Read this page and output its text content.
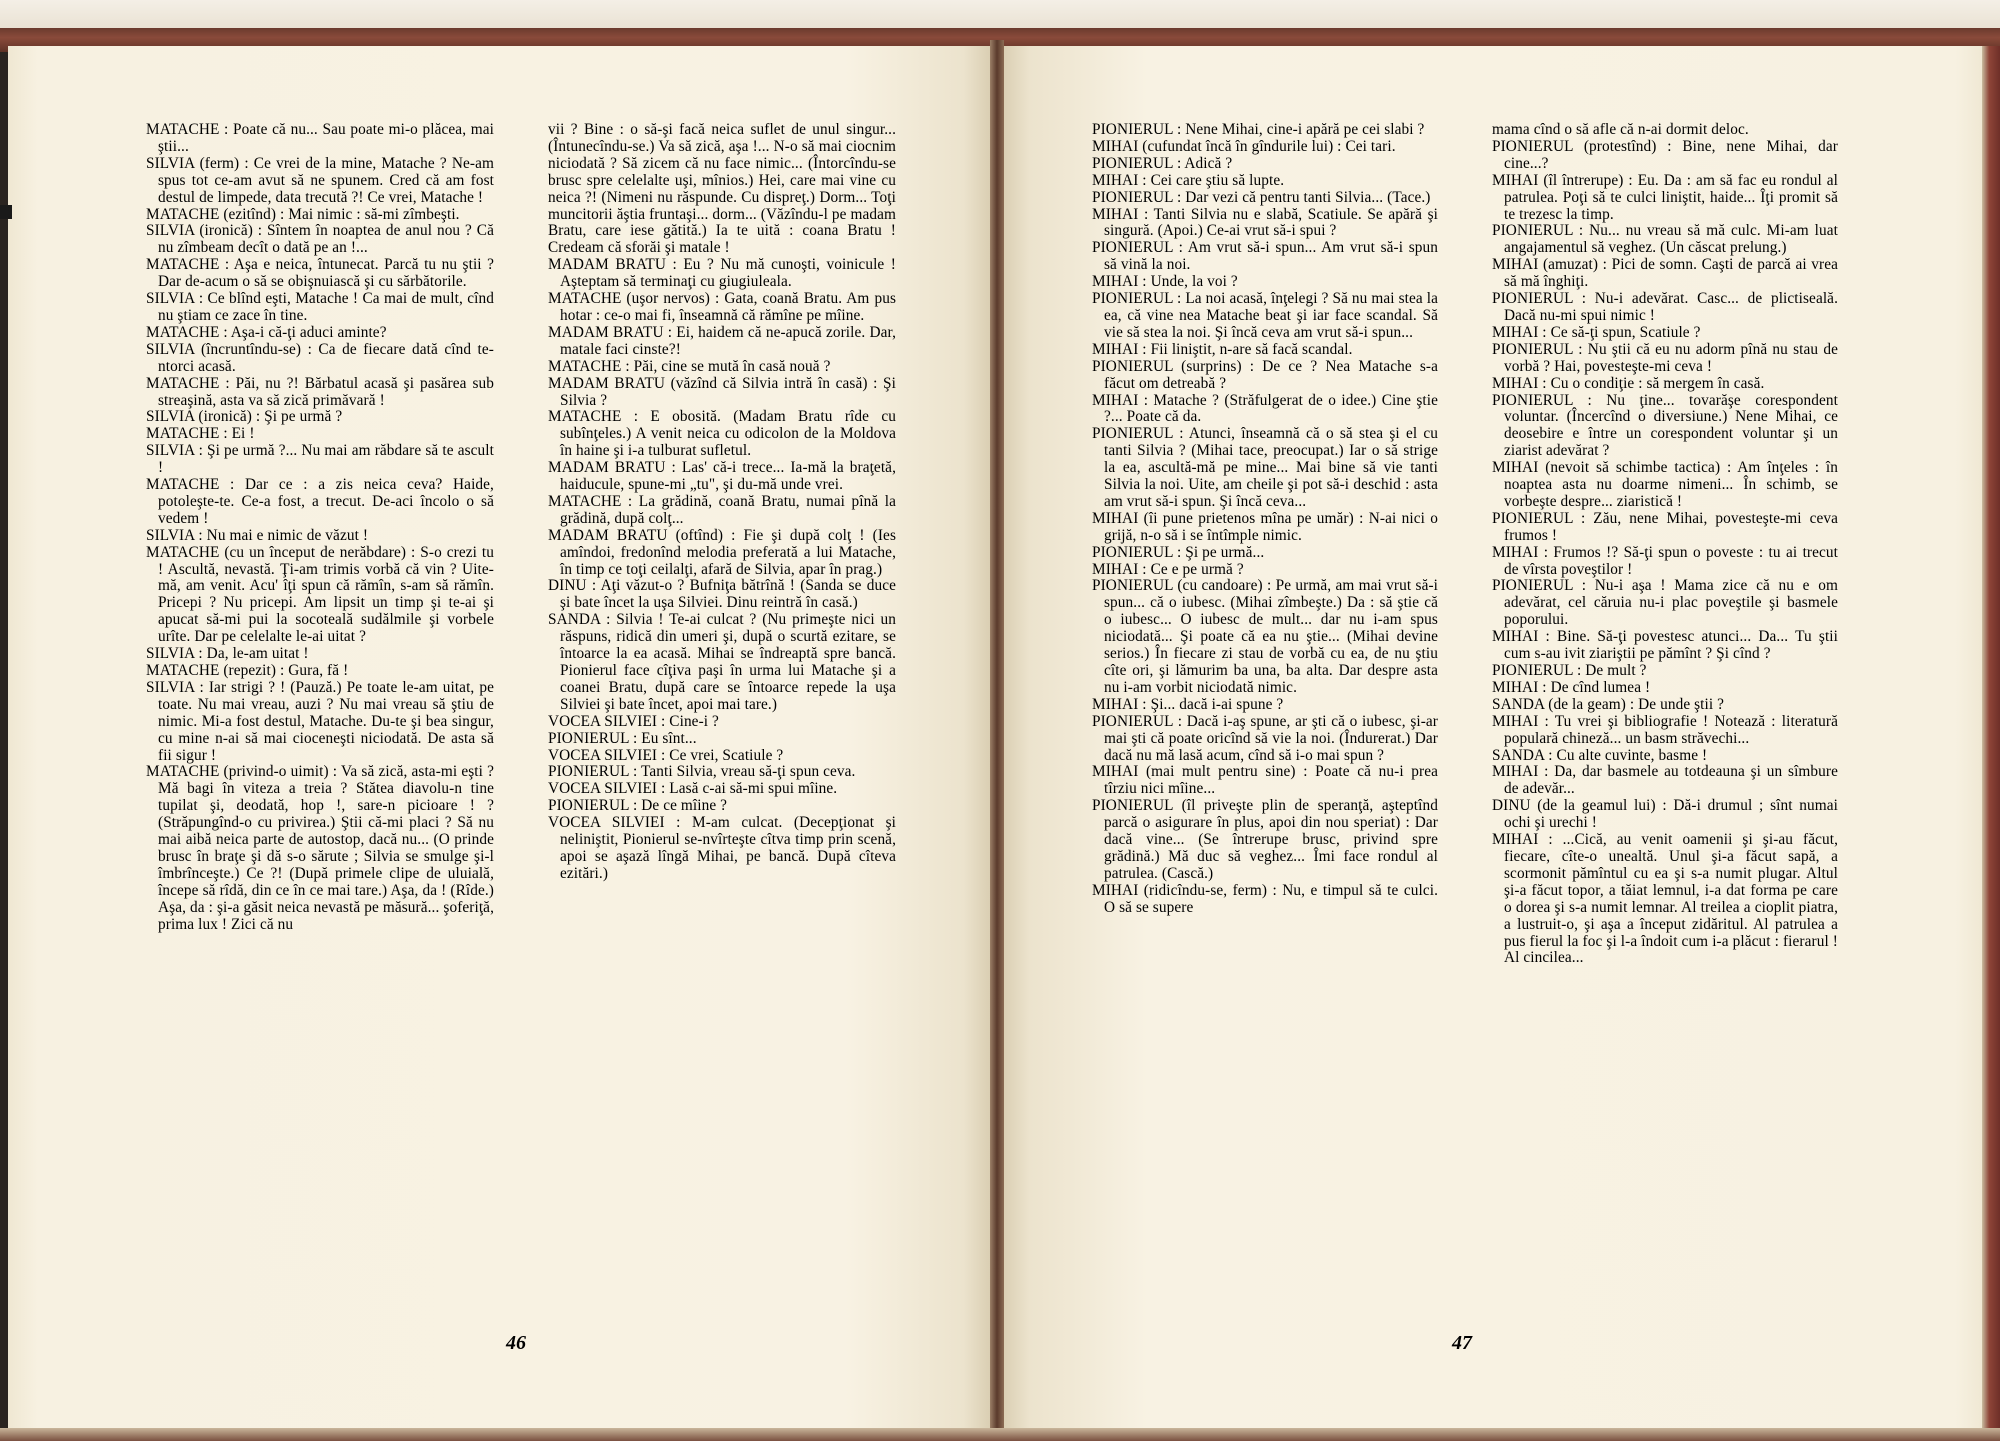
MATACHE : Poate că nu... Sau poate mi-o plăcea, mai ştii...

SILVIA (ferm) : Ce vrei de la mine, Matache ? Ne-am spus tot ce-am avut să ne spunem. Cred că am fost destul de limpede, data trecută ?! Ce vrei, Matache !

MATACHE (ezitînd) : Mai nimic : să-mi zîmbeşti.

SILVIA (ironică) : Sîntem în noaptea de anul nou ? Că nu zîmbeam decît o dată pe an !...

MATACHE : Aşa e neica, întunecat. Parcă tu nu ştii ? Dar de-acum o să se obişnuiască şi cu sărbătorile.

SILVIA : Ce blînd eşti, Matache ! Ca mai de mult, cînd nu ştiam ce zace în tine.

MATACHE : Aşa-i că-ţi aduci aminte?

SILVIA (încruntîndu-se) : Ca de fiecare dată cînd te-ntorci acasă.

MATACHE : Păi, nu ?! Bărbatul acasă şi pasărea sub streaşină, asta va să zică primăvară !

SILVIA (ironică) : Şi pe urmă ?

MATACHE : Ei !

SILVIA : Şi pe urmă ?... Nu mai am răbdare să te ascult !

MATACHE : Dar ce : a zis neica ceva? Haide, potoleşte-te. Ce-a fost, a trecut. De-aci încolo o să vedem !

SILVIA : Nu mai e nimic de văzut !

MATACHE (cu un început de nerăbdare) : S-o crezi tu ! Ascultă, nevastă. Ţi-am trimis vorbă că vin ? Uite-mă, am venit. Acu' îţi spun că rămîn, s-am să rămîn. Pricepi ? Nu pricepi. Am lipsit un timp şi te-ai şi apucat să-mi pui la socoteală sudălmile şi vorbele urîte. Dar pe celelalte le-ai uitat ?

SILVIA : Da, le-am uitat !

MATACHE (repezit) : Gura, fă !

SILVIA : Iar strigi ? ! (Pauză.) Pe toate le-am uitat, pe toate. Nu mai vreau, auzi ? Nu mai vreau să ştiu de nimic. Mi-a fost destul, Matache. Du-te şi bea singur, cu mine n-ai să mai cioceneşti niciodată. De asta să fii sigur !

MATACHE (privind-o uimit) : Va să zică, asta-mi eşti ? Mă bagi în viteza a treia ? Stătea diavolu-n tine tupilat şi, deodată, hop !, sare-n picioare ! ? (Străpungînd-o cu privirea.) Ştii că-mi placi ? Să nu mai aibă neica parte de autostop, dacă nu... (O prinde brusc în braţe şi dă s-o sărute ; Silvia se smulge şi-l îmbrînceşte.) Ce ?! (După primele clipe de uluială, începe să rîdă, din ce în ce mai tare.) Aşa, da ! (Rîde.) Aşa, da : şi-a găsit neica nevastă pe măsură... şoferiţă, prima lux ! Zici că nu

vii ? Bine : o să-şi facă neica suflet de unul singur... (Întunecîndu-se.) Va să zică, aşa !... N-o să mai ciocnim niciodată ? Să zicem că nu face nimic... (Întorcîndu-se brusc spre celelalte uşi, mînios.) Hei, care mai vine cu neica ?! (Nimeni nu răspunde. Cu dispreţ.) Dorm... Toţi muncitorii ăştia fruntaşi... dorm... (Văzîndu-l pe madam Bratu, care iese gătită.) Ia te uită : coana Bratu ! Credeam că sforăi şi matale !

MADAM BRATU : Eu ? Nu mă cunoşti, voinicule ! Aşteptam să terminaţi cu giugiuleala.

MATACHE (uşor nervos) : Gata, coană Bratu. Am pus hotar : ce-o mai fi, înseamnă că rămîne pe mîine.

MADAM BRATU : Ei, haidem că ne-apucă zorile. Dar, matale faci cinste?!

MATACHE : Păi, cine se mută în casă nouă ?

MADAM BRATU (văzînd că Silvia intră în casă) : Şi Silvia ?

MATACHE : E obosită. (Madam Bratu rîde cu subînţeles.) A venit neica cu odicolon de la Moldova în haine şi i-a tulburat sufletul.

MADAM BRATU : Las' că-i trece... Ia-mă la braţetă, haiducule, spune-mi „tu", şi du-mă unde vrei.

MATACHE : La grădină, coană Bratu, numai pînă la grădină, după colţ...

MADAM BRATU (oftînd) : Fie şi după colţ ! (Ies amîndoi, fredonînd melodia preferată a lui Matache, în timp ce toţi ceilalţi, afară de Silvia, apar în prag.)

DINU : Aţi văzut-o ? Bufniţa bătrînă ! (Sanda se duce şi bate încet la uşa Silviei. Dinu reintră în casă.)

SANDA : Silvia ! Te-ai culcat ? (Nu primeşte nici un răspuns, ridică din umeri şi, după o scurtă ezitare, se întoarce la ea acasă. Mihai se îndreaptă spre bancă. Pionierul face cîţiva paşi în urma lui Matache şi a coanei Bratu, după care se întoarce repede la uşa Silviei şi bate încet, apoi mai tare.)

VOCEA SILVIEI : Cine-i ?

PIONIERUL : Eu sînt...

VOCEA SILVIEI : Ce vrei, Scatiule ?

PIONIERUL : Tanti Silvia, vreau să-ţi spun ceva.

VOCEA SILVIEI : Lasă c-ai să-mi spui mîine.

PIONIERUL : De ce mîine ?

VOCEA SILVIEI : M-am culcat. (Decepţionat şi neliniştit, Pionierul se-nvîrteşte cîtva timp prin scenă, apoi se aşază lîngă Mihai, pe bancă. După cîteva ezitări.)

46

PIONIERUL : Nene Mihai, cine-i apără pe cei slabi ?

MIHAI (cufundat încă în gîndurile lui) : Cei tari.

PIONIERUL : Adică ?

MIHAI : Cei care ştiu să lupte.

PIONIERUL : Dar vezi că pentru tanti Silvia... (Tace.)

MIHAI : Tanti Silvia nu e slabă, Scatiule. Se apără şi singură. (Apoi.) Ce-ai vrut să-i spui ?

PIONIERUL : Am vrut să-i spun... Am vrut să-i spun să vină la noi.

MIHAI : Unde, la voi ?

PIONIERUL : La noi acasă, înţelegi ? Să nu mai stea la ea, că vine nea Matache beat şi iar face scandal. Să vie să stea la noi. Şi încă ceva am vrut să-i spun...

MIHAI : Fii liniştit, n-are să facă scandal.

PIONIERUL (surprins) : De ce ? Nea Matache s-a făcut om detreabă ?

MIHAI : Matache ? (Străfulgerat de o idee.) Cine ştie ?... Poate că da.

PIONIERUL : Atunci, înseamnă că o să stea şi el cu tanti Silvia ? (Mihai tace, preocupat.) Iar o să strige la ea, ascultă-mă pe mine... Mai bine să vie tanti Silvia la noi. Uite, am cheile şi pot să-i deschid : asta am vrut să-i spun. Şi încă ceva...

MIHAI (îi pune prietenos mîna pe umăr) : N-ai nici o grijă, n-o să i se întîmple nimic.

PIONIERUL : Şi pe urmă...

MIHAI : Ce e pe urmă ?

PIONIERUL (cu candoare) : Pe urmă, am mai vrut să-i spun... că o iubesc. (Mihai zîmbeşte.) Da : să ştie că o iubesc... O iubesc de mult... dar nu i-am spus niciodată... Şi poate că ea nu ştie... (Mihai devine serios.) În fiecare zi stau de vorbă cu ea, de nu ştiu cîte ori, şi lămurim ba una, ba alta. Dar despre asta nu i-am vorbit niciodată nimic.

MIHAI : Şi... dacă i-ai spune ?

PIONIERUL : Dacă i-aş spune, ar şti că o iubesc, şi-ar mai şti că poate oricînd să vie la noi. (Îndurerat.) Dar dacă nu mă lasă acum, cînd să i-o mai spun ?

MIHAI (mai mult pentru sine) : Poate că nu-i prea tîrziu nici mîine...

PIONIERUL (îl priveşte plin de speranţă, aşteptînd parcă o asigurare în plus, apoi din nou speriat) : Dar dacă vine... (Se întrerupe brusc, privind spre grădină.) Mă duc să veghez... Îmi face rondul al patrulea. (Cască.)

MIHAI (ridicîndu-se, ferm) : Nu, e timpul să te culci. O să se supere

mama cînd o să afle că n-ai dormit deloc.

PIONIERUL (protestînd) : Bine, nene Mihai, dar cine...?

MIHAI (îl întrerupe) : Eu. Da : am să fac eu rondul al patrulea. Poţi să te culci liniştit, haide... Îţi promit să te trezesc la timp.

PIONIERUL : Nu... nu vreau să mă culc. Mi-am luat angajamentul să veghez. (Un căscat prelung.)

MIHAI (amuzat) : Pici de somn. Caşti de parcă ai vrea să mă înghiţi.

PIONIERUL : Nu-i adevărat. Casc... de plictiseală. Dacă nu-mi spui nimic !

MIHAI : Ce să-ţi spun, Scatiule ?

PIONIERUL : Nu ştii că eu nu adorm pînă nu stau de vorbă ? Hai, povesteşte-mi ceva !

MIHAI : Cu o condiţie : să mergem în casă.

PIONIERUL : Nu ţine... tovarăşe corespondent voluntar. (Încercînd o diversiune.) Nene Mihai, ce deosebire e între un corespondent voluntar şi un ziarist adevărat ?

MIHAI (nevoit să schimbe tactica) : Am înţeles : în noaptea asta nu doarme nimeni... În schimb, se vorbeşte despre... ziaristică !

PIONIERUL : Zău, nene Mihai, povesteşte-mi ceva frumos !

MIHAI : Frumos !? Să-ţi spun o poveste : tu ai trecut de vîrsta poveştilor !

PIONIERUL : Nu-i aşa ! Mama zice că nu e om adevărat, cel căruia nu-i plac poveştile şi basmele poporului.

MIHAI : Bine. Să-ţi povestesc atunci... Da... Tu ştii cum s-au ivit ziariştii pe pămînt ? Şi cînd ?

PIONIERUL : De mult ?

MIHAI : De cînd lumea !

SANDA (de la geam) : De unde ştii ?

MIHAI : Tu vrei şi bibliografie ! Notează : literatură populară chineză... un basm străvechi...

SANDA : Cu alte cuvinte, basme !

MIHAI : Da, dar basmele au totdeauna şi un sîmbure de adevăr...

DINU (de la geamul lui) : Dă-i drumul ; sînt numai ochi şi urechi !

MIHAI : ...Cică, au venit oamenii şi şi-au făcut, fiecare, cîte-o unealtă. Unul şi-a făcut sapă, a scormonit pămîntul cu ea şi s-a numit plugar. Altul şi-a făcut topor, a tăiat lemnul, i-a dat forma pe care o dorea şi s-a numit lemnar. Al treilea a cioplit piatra, a lustruit-o, şi aşa a început zidăritul. Al patrulea a pus fierul la foc şi l-a îndoit cum i-a plăcut : fierarul ! Al cincilea...

47
